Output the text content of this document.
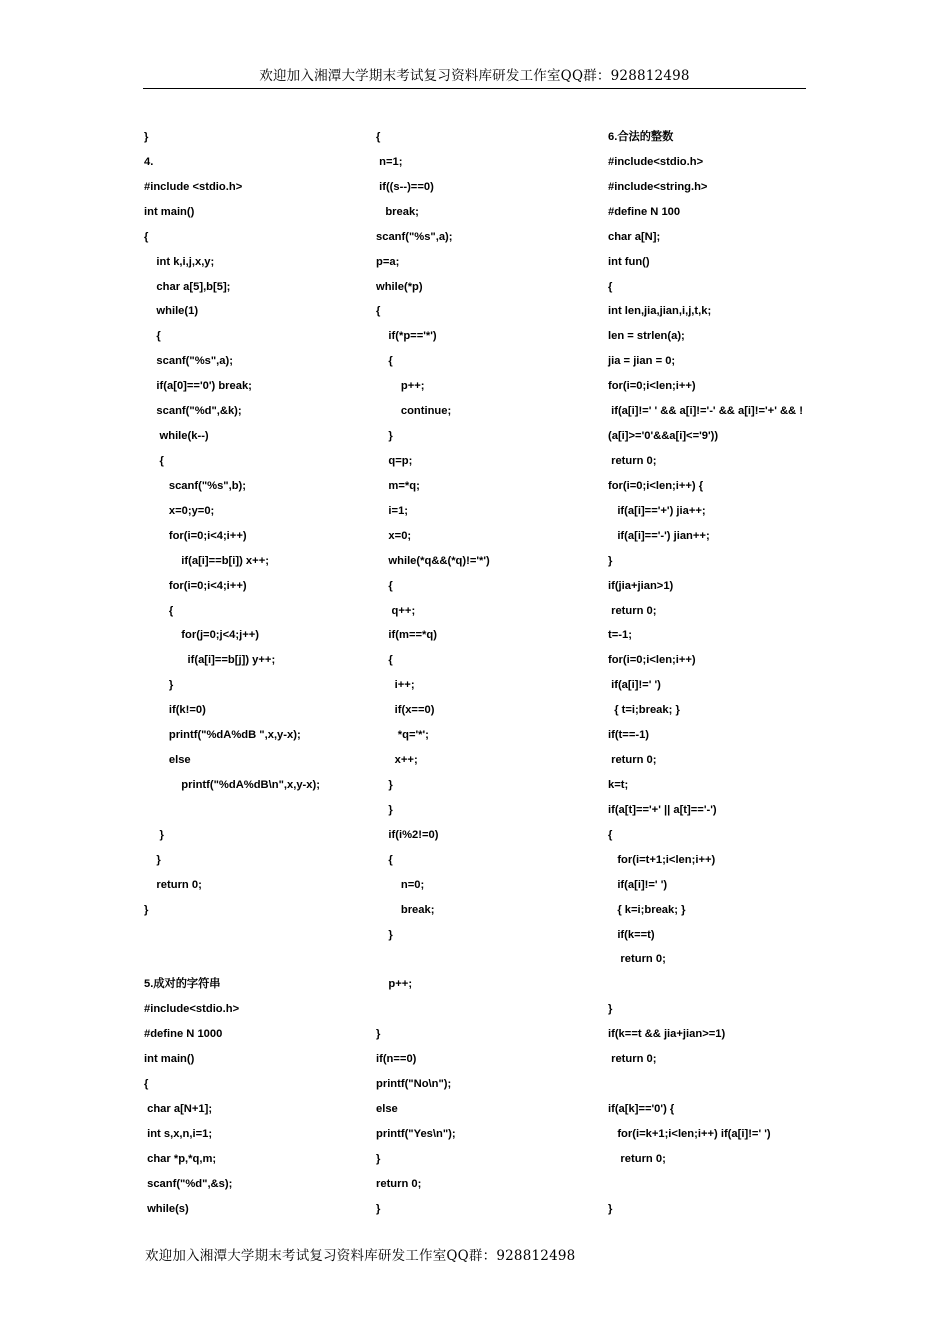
欢迎加入湘潭大学期末考试复习资料库研发工作室QQ群：928812498
}
4.
#include <stdio.h>
int main()
{
int k,i,j,x,y;
char a[5],b[5];
while(1)
{
scanf("%s",a);
if(a[0]=='0') break;
scanf("%d",&k);
while(k--)
{
scanf("%s",b);
x=0;y=0;
for(i=0;i<4;i++)
if(a[i]==b[i]) x++;
for(i=0;i<4;i++)
{
for(j=0;j<4;j++)
if(a[i]==b[j]) y++;
}
if(k!=0)
printf("%dA%dB ",x,y-x);
else
printf("%dA%dB\n",x,y-x);
}
}
return 0;
}
5.成对的字符串
#include<stdio.h>
#define N 1000
int main()
{
char a[N+1];
int s,x,n,i=1;
char *p,*q,m;
scanf("%d",&s);
while(s)
{
n=1;
if((s--)==0)
break;
scanf("%s",a);
p=a;
while(*p)
{
if(*p=='*')
{
p++;
continue;
}
q=p;
m=*q;
i=1;
x=0;
while(*q&&(*q)!='*')
{
q++;
if(m==*q)
{
i++;
if(x==0)
*q='*';
x++;
}
}
if(i%2!=0)
{
n=0;
break;
}
p++;
}
if(n==0)
printf("No\n");
else
printf("Yes\n");
}
return 0;
}
6.合法的整数
#include<stdio.h>
#include<string.h>
#define N 100
char a[N];
int fun()
{
int len,jia,jian,i,j,t,k;
len = strlen(a);
jia = jian = 0;
for(i=0;i<len;i++)
if(a[i]!=' ' && a[i]!='-' && a[i]!='+' && !
(a[i]>='0'&&a[i]<='9'))
return 0;
for(i=0;i<len;i++) {
if(a[i]=='+') jia++;
if(a[i]=='-') jian++;
}
if(jia+jian>1)
return 0;
t=-1;
for(i=0;i<len;i++)
if(a[i]!=' ')
{ t=i;break; }
if(t==-1)
return 0;
k=t;
if(a[t]=='+' || a[t]=='-')
{
for(i=t+1;i<len;i++)
if(a[i]!=' ')
{ k=i;break; }
if(k==t)
return 0;
}
if(k==t && jia+jian>=1)
return 0;
if(a[k]=='0') {
for(i=k+1;i<len;i++) if(a[i]!=' ')
return 0;
}
欢迎加入湘潭大学期末考试复习资料库研发工作室QQ群：928812498
